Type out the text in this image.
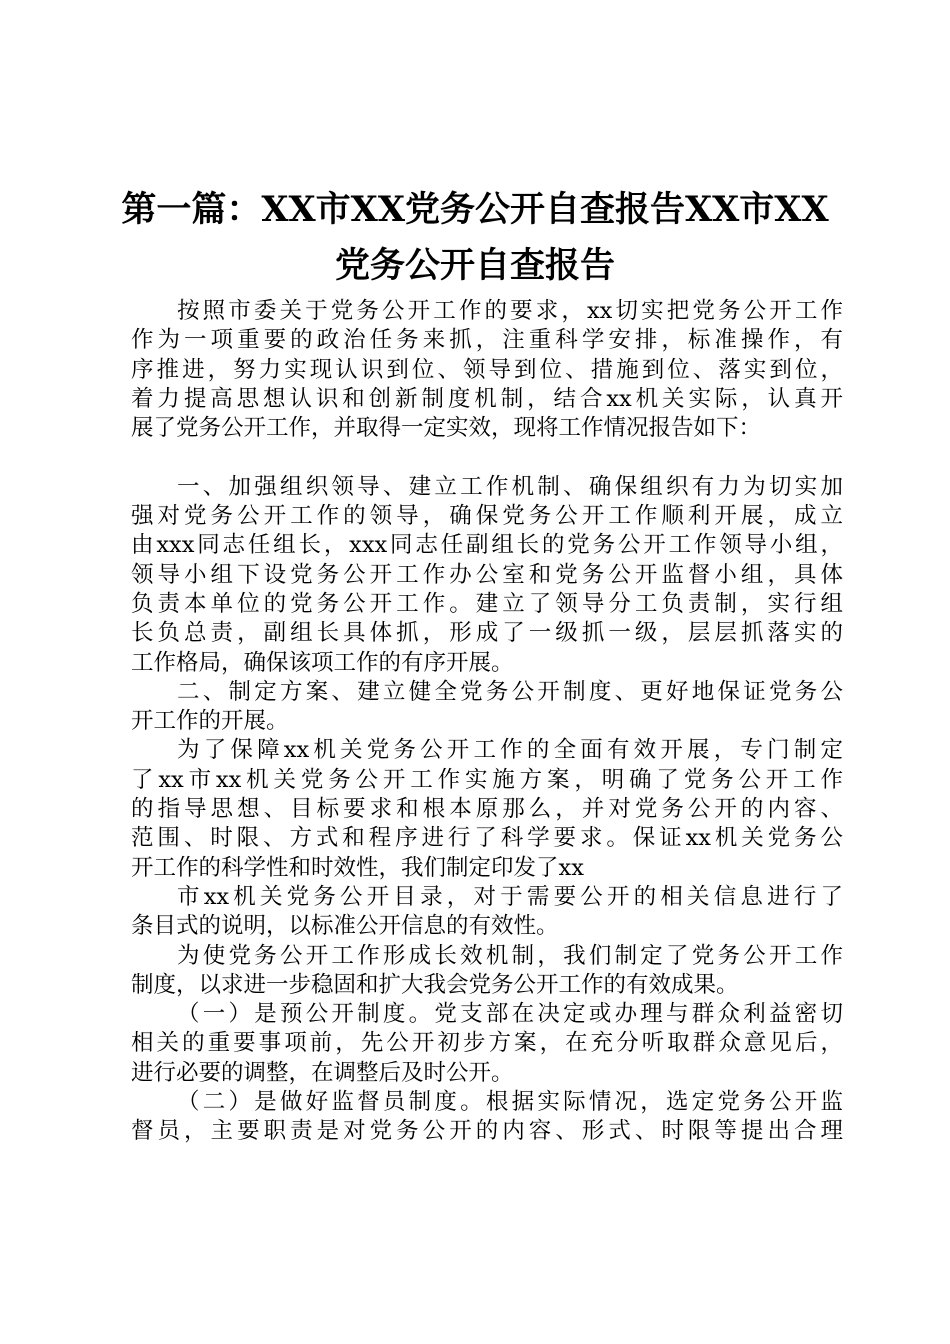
第一篇：XX市XX党务公开自查报告XX市XX
党务公开自查报告
按照市委关于党务公开工作的要求，xx切实把党务公开工作
作为一项重要的政治任务来抓，注重科学安排，标准操作，有
序推进，努力实现认识到位、领导到位、措施到位、落实到位，
着力提高思想认识和创新制度机制，结合xx机关实际，认真开
展了党务公开工作，并取得一定实效，现将工作情况报告如下：
一、加强组织领导、建立工作机制、确保组织有力为切实加
强对党务公开工作的领导，确保党务公开工作顺利开展，成立
由xxx同志任组长，xxx同志任副组长的党务公开工作领导小组，
领导小组下设党务公开工作办公室和党务公开监督小组，具体
负责本单位的党务公开工作。建立了领导分工负责制，实行组
长负总责，副组长具体抓，形成了一级抓一级，层层抓落实的
工作格局，确保该项工作的有序开展。
二、制定方案、建立健全党务公开制度、更好地保证党务公
开工作的开展。
为了保障xx机关党务公开工作的全面有效开展，专门制定
了xx市xx机关党务公开工作实施方案，明确了党务公开工作
的指导思想、目标要求和根本原那么，并对党务公开的内容、
范围、时限、方式和程序进行了科学要求。保证xx机关党务公
开工作的科学性和时效性，我们制定印发了xx
市xx机关党务公开目录，对于需要公开的相关信息进行了
条目式的说明，以标准公开信息的有效性。
为使党务公开工作形成长效机制，我们制定了党务公开工作
制度，以求进一步稳固和扩大我会党务公开工作的有效成果。
（一）是预公开制度。党支部在决定或办理与群众利益密切
相关的重要事项前，先公开初步方案，在充分听取群众意见后，
进行必要的调整，在调整后及时公开。
（二）是做好监督员制度。根据实际情况，选定党务公开监
督员，主要职责是对党务公开的内容、形式、时限等提出合理
